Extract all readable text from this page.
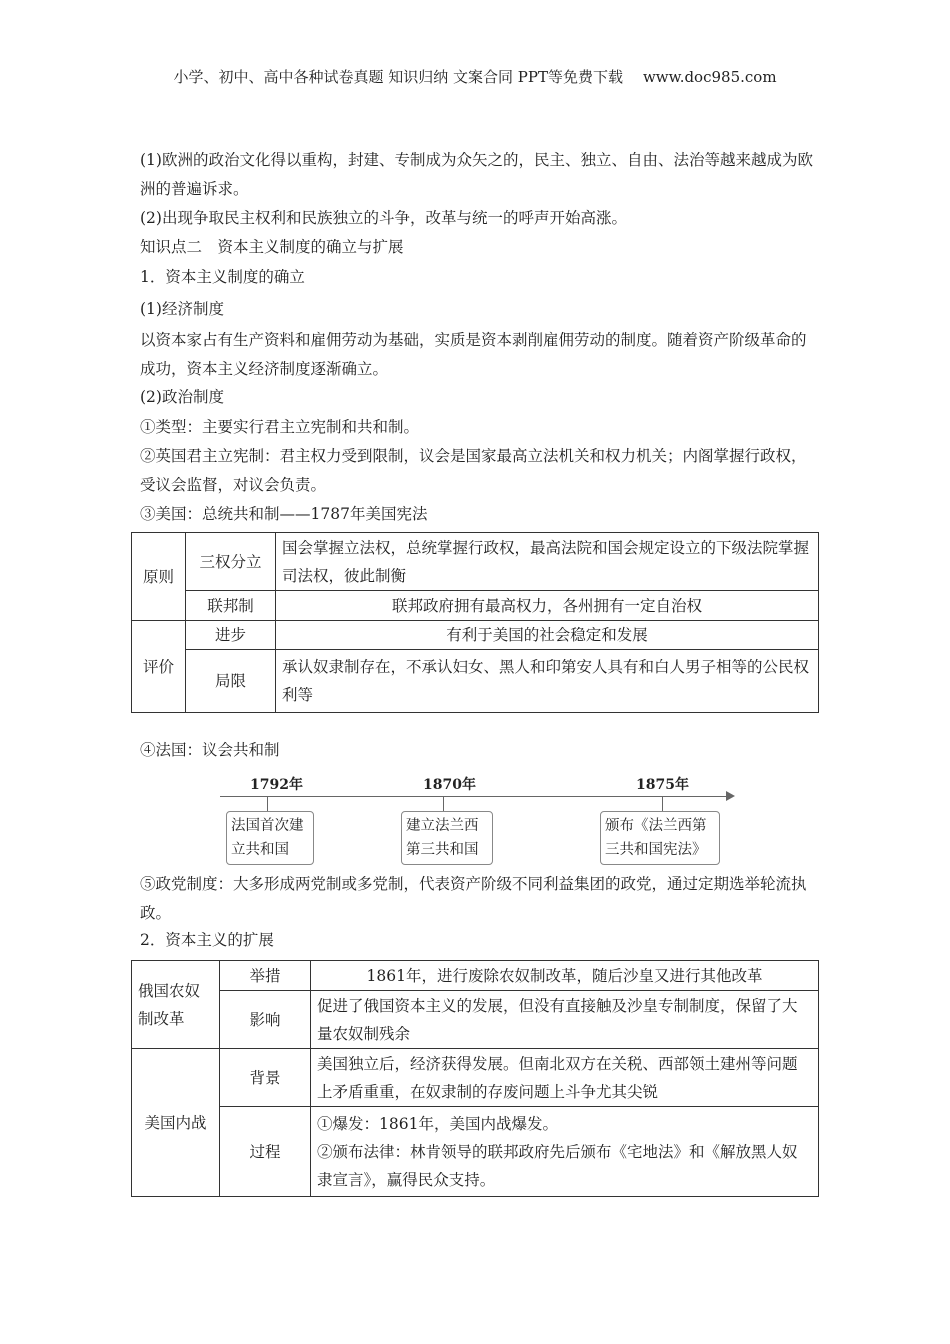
小学、初中、高中各种试卷真题 知识归纳 文案合同 PPT等免费下载 www.doc985.com
(1)欧洲的政治文化得以重构，封建、专制成为众矢之的，民主、独立、自由、法治等越来越成为欧洲的普遍诉求。
(2)出现争取民主权利和民族独立的斗争，改革与统一的呼声开始高涨。
知识点二　资本主义制度的确立与扩展
1．资本主义制度的确立
(1)经济制度
以资本家占有生产资料和雇佣劳动为基础，实质是资本剥削雇佣劳动的制度。随着资产阶级革命的成功，资本主义经济制度逐渐确立。
(2)政治制度
①类型：主要实行君主立宪制和共和制。
②英国君主立宪制：君主权力受到限制，议会是国家最高立法机关和权力机关；内阁掌握行政权，受议会监督，对议会负责。
③美国：总统共和制——1787年美国宪法
原则	三权分立	国会掌握立法权，总统掌握行政权，最高法院和国会规定设立的下级法院掌握司法权，彼此制衡
	联邦制	联邦政府拥有最高权力，各州拥有一定自治权
评价	进步	有利于美国的社会稳定和发展
	局限	承认奴隶制存在，不承认妇女、黑人和印第安人具有和白人男子相等的公民权利等
④法国：议会共和制
1792年
法国首次建立共和国
1870年
建立法兰西第三共和国
1875年
颁布《法兰西第三共和国宪法》
⑤政党制度：大多形成两党制或多党制，代表资产阶级不同利益集团的政党，通过定期选举轮流执政。
2．资本主义的扩展
俄国农奴制改革	举措	1861年，进行废除农奴制改革，随后沙皇又进行其他改革
	影响	促进了俄国资本主义的发展，但没有直接触及沙皇专制制度，保留了大量农奴制残余
美国内战	背景	美国独立后，经济获得发展。但南北双方在关税、西部领土建州等问题上矛盾重重，在奴隶制的存废问题上斗争尤其尖锐
	过程	①爆发：1861年，美国内战爆发。
②颁布法律：林肯领导的联邦政府先后颁布《宅地法》和《解放黑人奴隶宣言》，赢得民众支持。
